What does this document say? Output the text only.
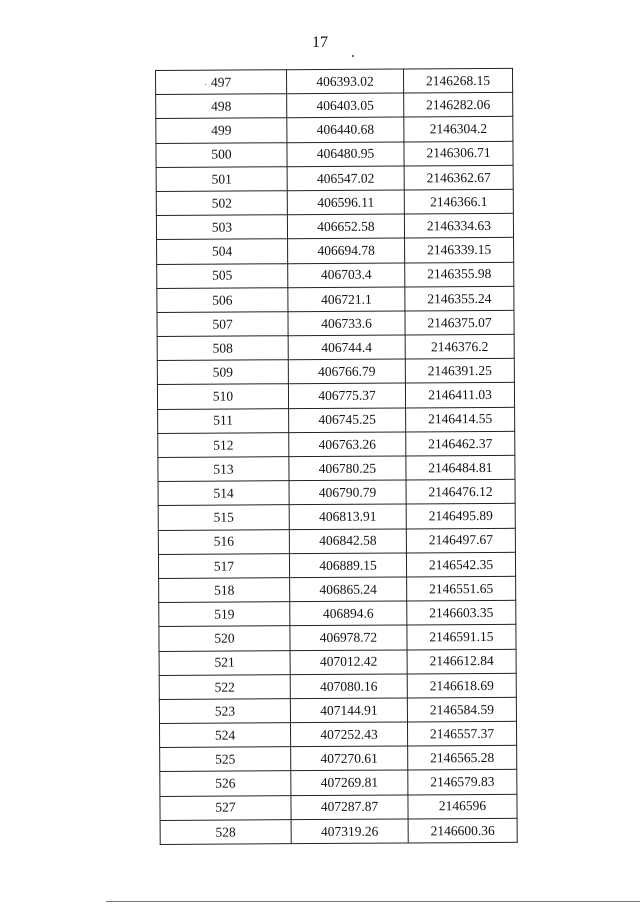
17
497	406393.02	2146268.15
498	406403.05	2146282.06
499	406440.68	2146304.2
500	406480.95	2146306.71
501	406547.02	2146362.67
502	406596.11	2146366.1
503	406652.58	2146334.63
504	406694.78	2146339.15
505	406703.4	2146355.98
506	406721.1	2146355.24
507	406733.6	2146375.07
508	406744.4	2146376.2
509	406766.79	2146391.25
510	406775.37	2146411.03
511	406745.25	2146414.55
512	406763.26	2146462.37
513	406780.25	2146484.81
514	406790.79	2146476.12
515	406813.91	2146495.89
516	406842.58	2146497.67
517	406889.15	2146542.35
518	406865.24	2146551.65
519	406894.6	2146603.35
520	406978.72	2146591.15
521	407012.42	2146612.84
522	407080.16	2146618.69
523	407144.91	2146584.59
524	407252.43	2146557.37
525	407270.61	2146565.28
526	407269.81	2146579.83
527	407287.87	2146596
528	407319.26	2146600.36
